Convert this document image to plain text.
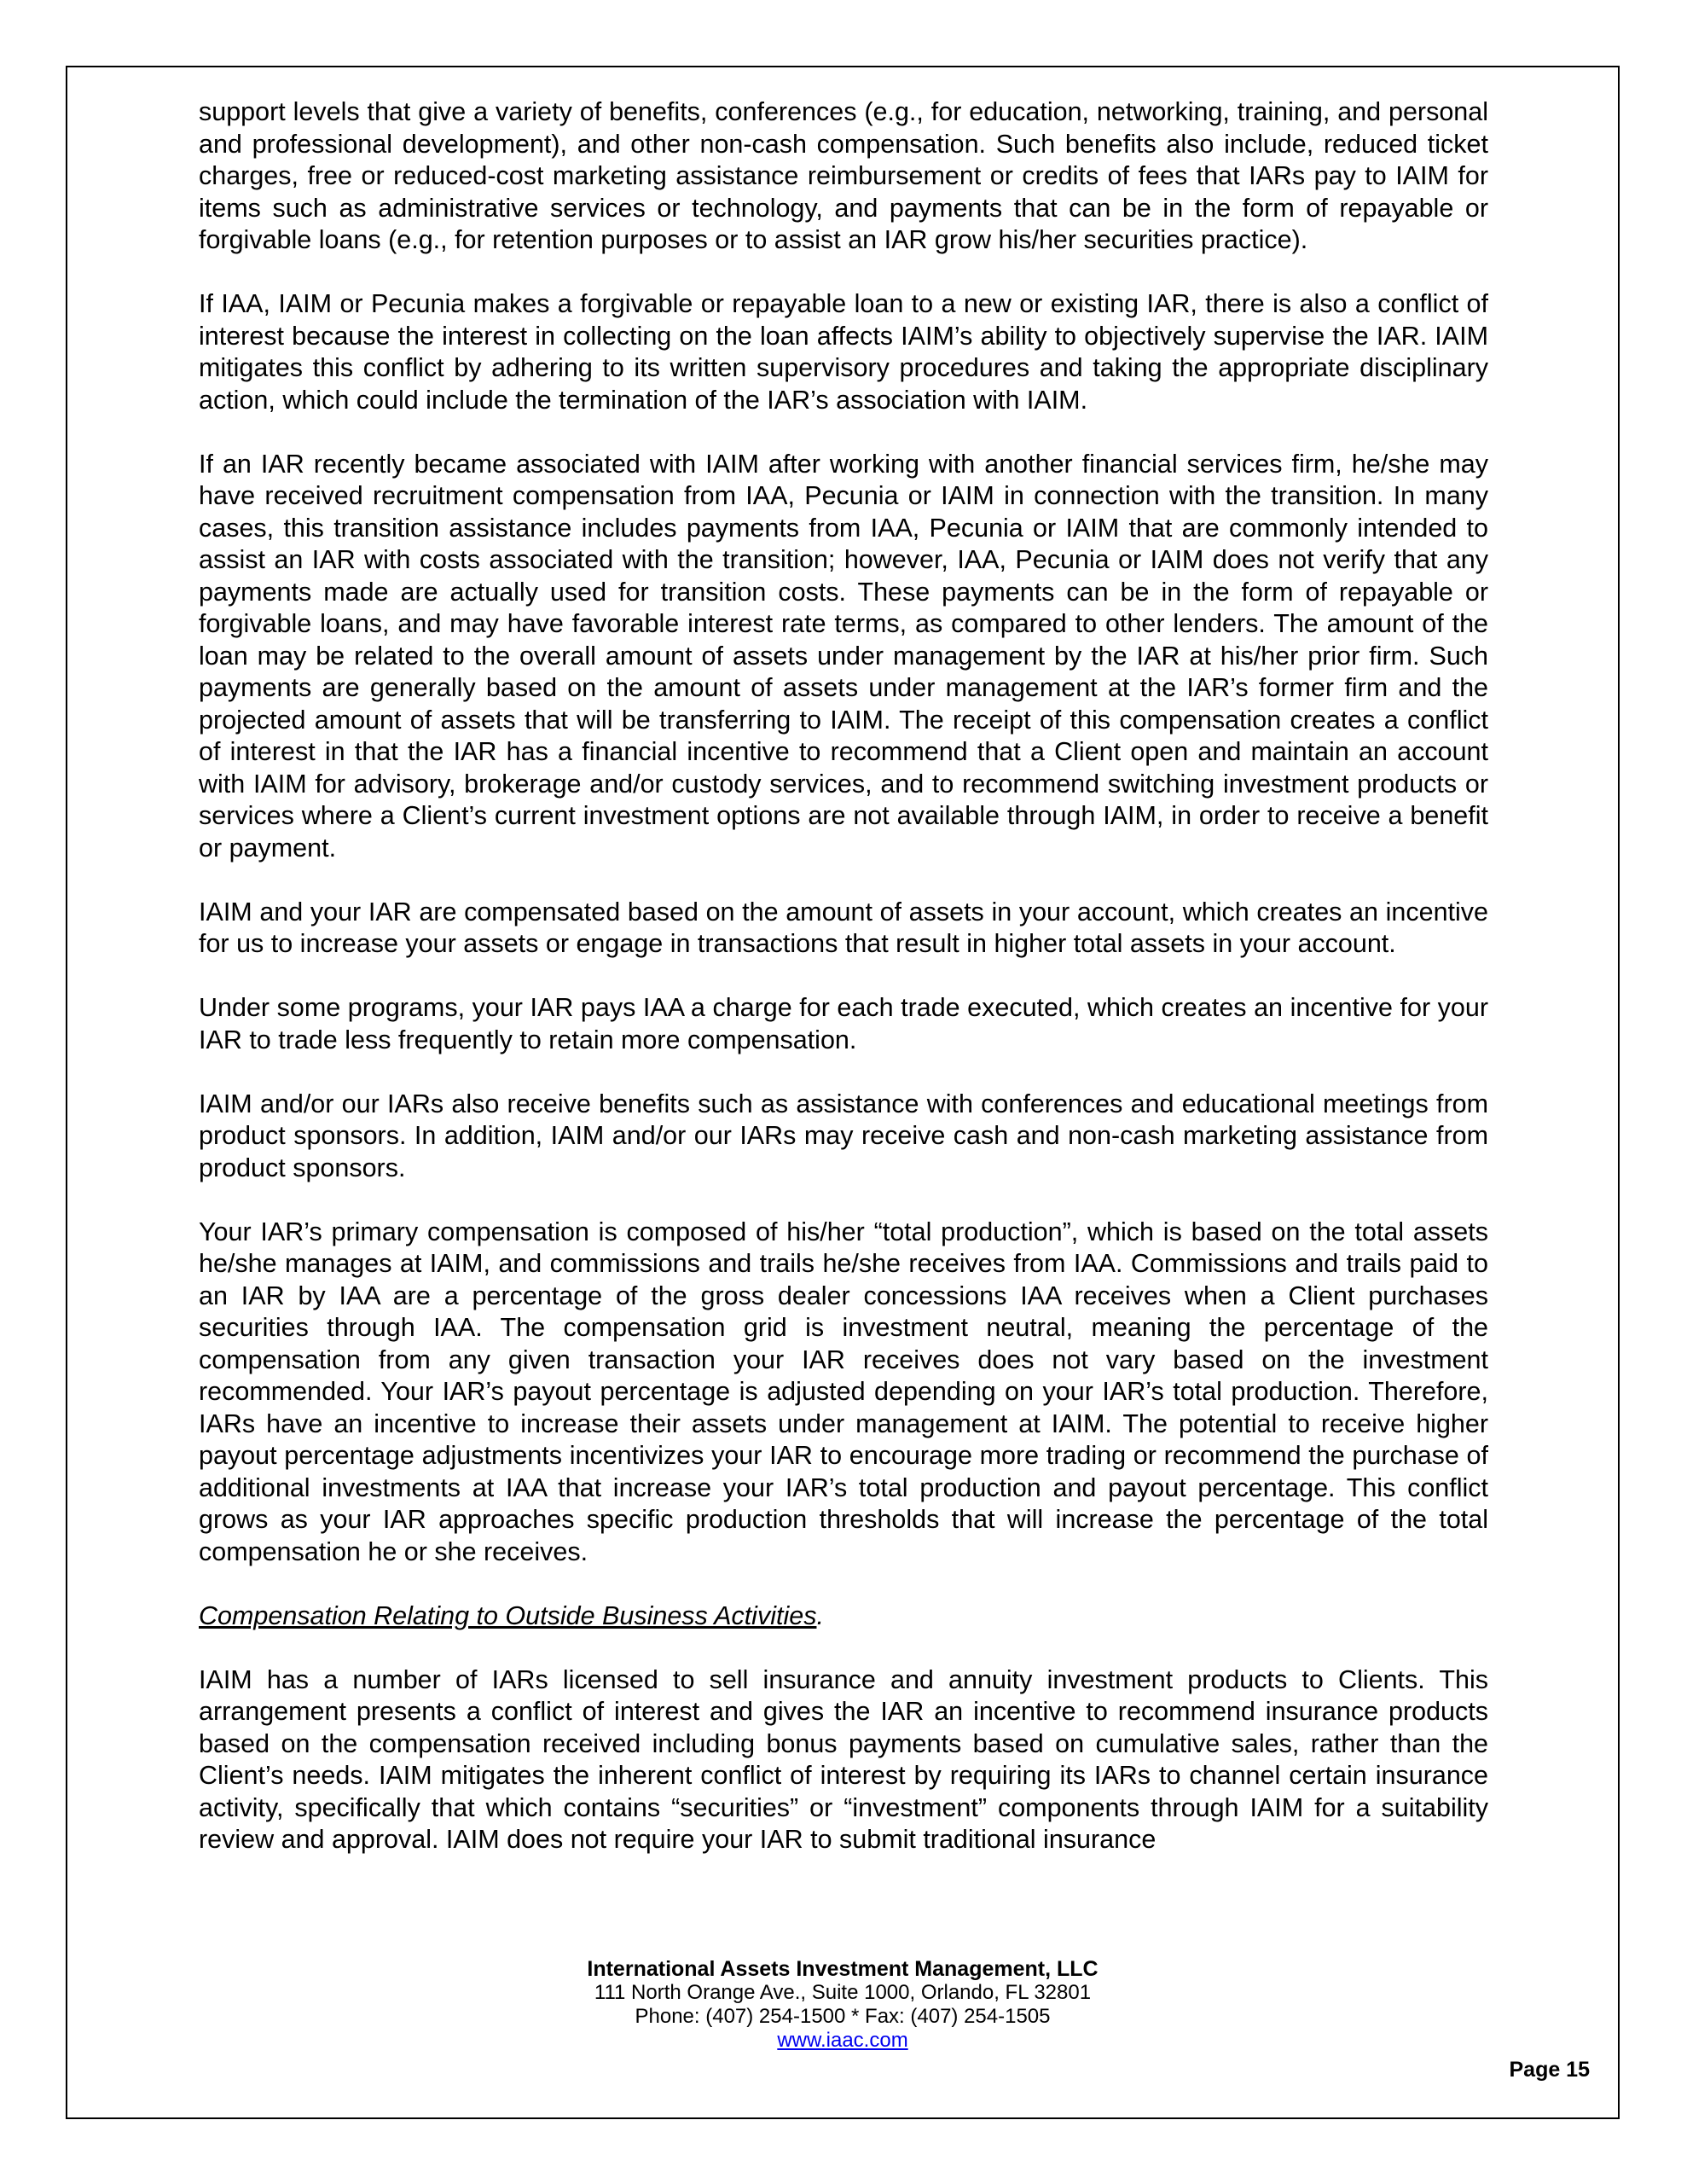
support levels that give a variety of benefits, conferences (e.g., for education, networking, training, and personal and professional development), and other non-cash compensation. Such benefits also include, reduced ticket charges, free or reduced-cost marketing assistance reimbursement or credits of fees that IARs pay to IAIM for items such as administrative services or technology, and payments that can be in the form of repayable or forgivable loans (e.g., for retention purposes or to assist an IAR grow his/her securities practice).

If IAA, IAIM or Pecunia makes a forgivable or repayable loan to a new or existing IAR, there is also a conflict of interest because the interest in collecting on the loan affects IAIM’s ability to objectively supervise the IAR. IAIM mitigates this conflict by adhering to its written supervisory procedures and taking the appropriate disciplinary action, which could include the termination of the IAR’s association with IAIM.

If an IAR recently became associated with IAIM after working with another financial services firm, he/she may have received recruitment compensation from IAA, Pecunia or IAIM in connection with the transition. In many cases, this transition assistance includes payments from IAA, Pecunia or IAIM that are commonly intended to assist an IAR with costs associated with the transition; however, IAA, Pecunia or IAIM does not verify that any payments made are actually used for transition costs. These payments can be in the form of repayable or forgivable loans, and may have favorable interest rate terms, as compared to other lenders. The amount of the loan may be related to the overall amount of assets under management by the IAR at his/her prior firm. Such payments are generally based on the amount of assets under management at the IAR’s former firm and the projected amount of assets that will be transferring to IAIM. The receipt of this compensation creates a conflict of interest in that the IAR has a financial incentive to recommend that a Client open and maintain an account with IAIM for advisory, brokerage and/or custody services, and to recommend switching investment products or services where a Client’s current investment options are not available through IAIM, in order to receive a benefit or payment.

IAIM and your IAR are compensated based on the amount of assets in your account, which creates an incentive for us to increase your assets or engage in transactions that result in higher total assets in your account.

Under some programs, your IAR pays IAA a charge for each trade executed, which creates an incentive for your IAR to trade less frequently to retain more compensation.

IAIM and/or our IARs also receive benefits such as assistance with conferences and educational meetings from product sponsors. In addition, IAIM and/or our IARs may receive cash and non-cash marketing assistance from product sponsors.

Your IAR’s primary compensation is composed of his/her “total production”, which is based on the total assets he/she manages at IAIM, and commissions and trails he/she receives from IAA. Commissions and trails paid to an IAR by IAA are a percentage of the gross dealer concessions IAA receives when a Client purchases securities through IAA. The compensation grid is investment neutral, meaning the percentage of the compensation from any given transaction your IAR receives does not vary based on the investment recommended. Your IAR’s payout percentage is adjusted depending on your IAR’s total production. Therefore, IARs have an incentive to increase their assets under management at IAIM. The potential to receive higher payout percentage adjustments incentivizes your IAR to encourage more trading or recommend the purchase of additional investments at IAA that increase your IAR’s total production and payout percentage. This conflict grows as your IAR approaches specific production thresholds that will increase the percentage of the total compensation he or she receives.

Compensation Relating to Outside Business Activities.

IAIM has a number of IARs licensed to sell insurance and annuity investment products to Clients. This arrangement presents a conflict of interest and gives the IAR an incentive to recommend insurance products based on the compensation received including bonus payments based on cumulative sales, rather than the Client’s needs. IAIM mitigates the inherent conflict of interest by requiring its IARs to channel certain insurance activity, specifically that which contains “securities” or “investment” components through IAIM for a suitability review and approval. IAIM does not require your IAR to submit traditional insurance

International Assets Investment Management, LLC
111 North Orange Ave., Suite 1000, Orlando, FL 32801
Phone: (407) 254-1500 * Fax: (407) 254-1505
www.iaac.com
Page 15
